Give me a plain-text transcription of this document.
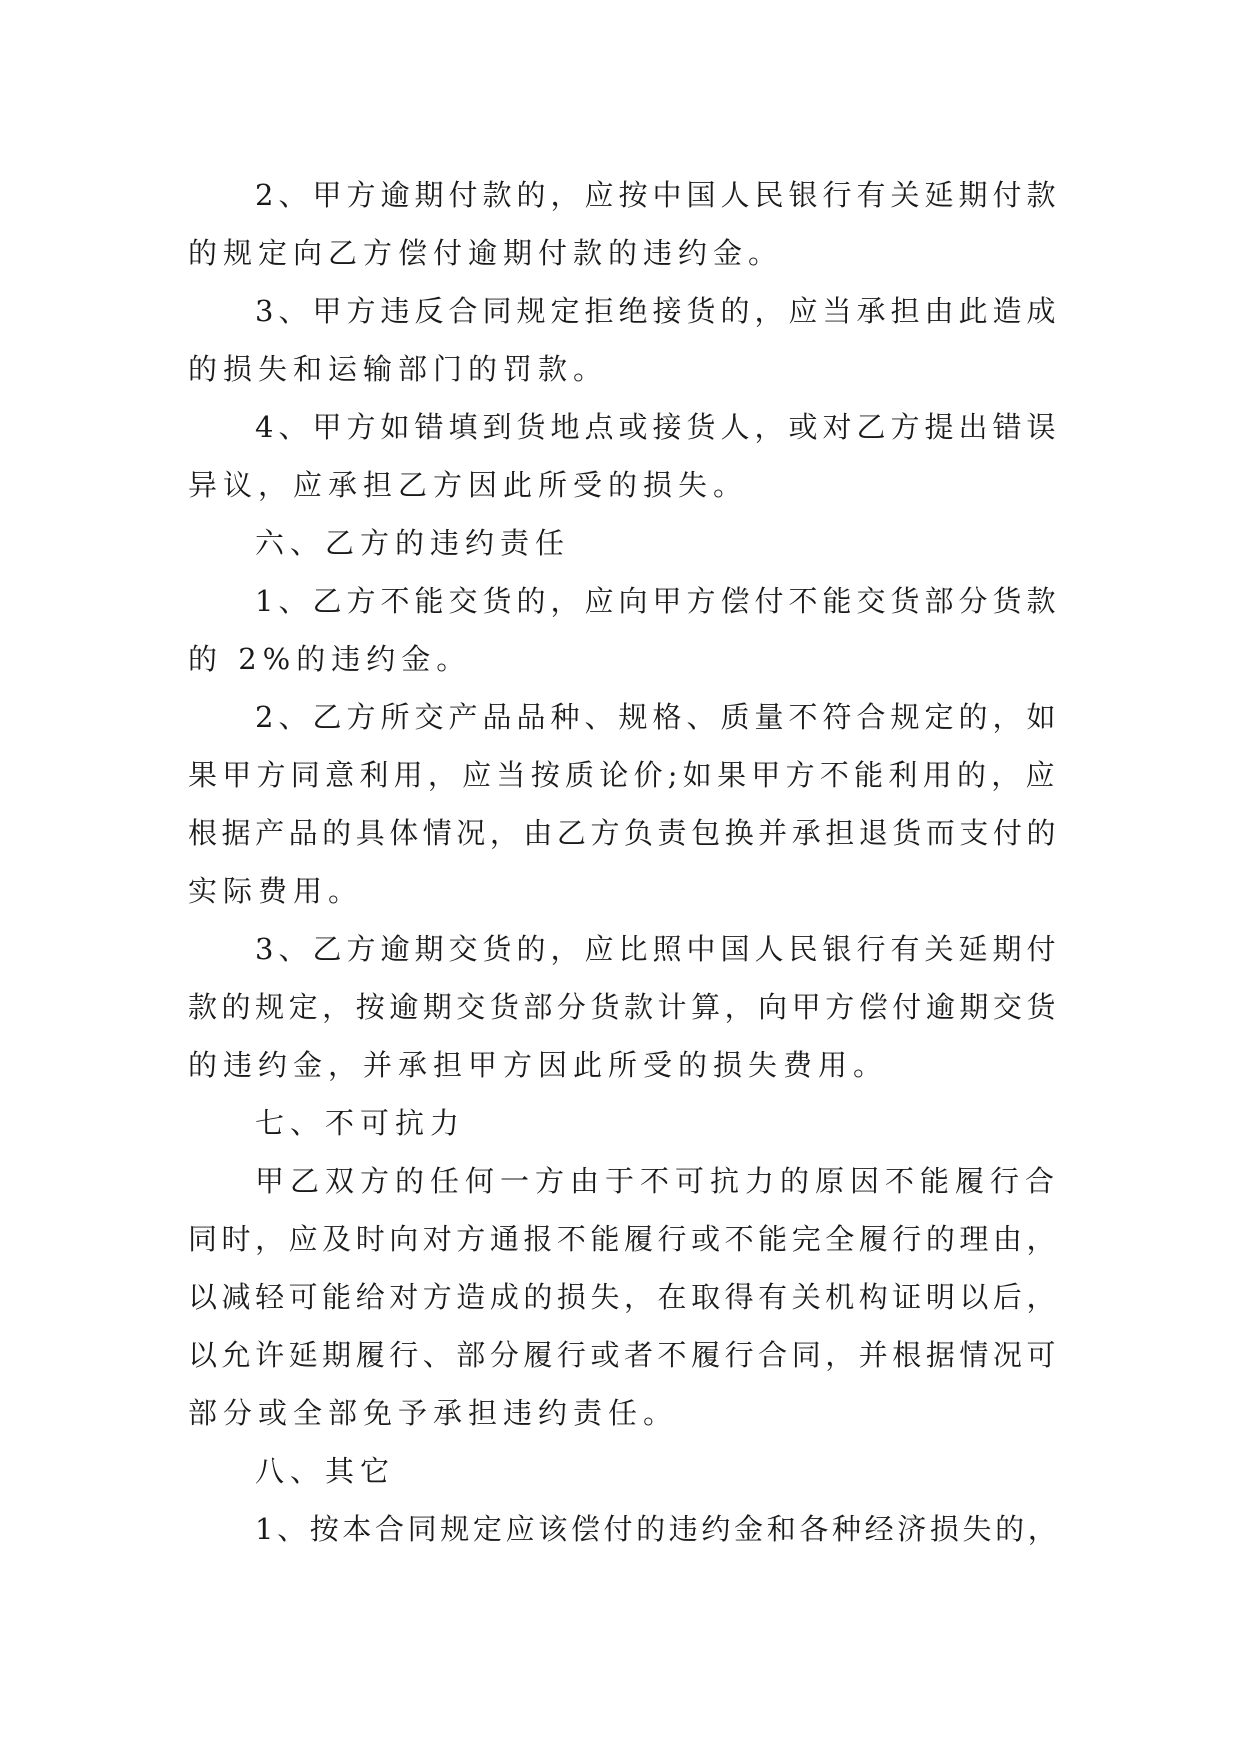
2、甲方逾期付款的，应按中国人民银行有关延期付款
的规定向乙方偿付逾期付款的违约金。
3、甲方违反合同规定拒绝接货的，应当承担由此造成
的损失和运输部门的罚款。
4、甲方如错填到货地点或接货人，或对乙方提出错误
异议，应承担乙方因此所受的损失。
六、乙方的违约责任
1、乙方不能交货的，应向甲方偿付不能交货部分货款
的 2%的违约金。
2、乙方所交产品品种、规格、质量不符合规定的，如
果甲方同意利用，应当按质论价;如果甲方不能利用的，应
根据产品的具体情况，由乙方负责包换并承担退货而支付的
实际费用。
3、乙方逾期交货的，应比照中国人民银行有关延期付
款的规定，按逾期交货部分货款计算，向甲方偿付逾期交货
的违约金，并承担甲方因此所受的损失费用。
七、不可抗力
甲乙双方的任何一方由于不可抗力的原因不能履行合
同时，应及时向对方通报不能履行或不能完全履行的理由，
以减轻可能给对方造成的损失，在取得有关机构证明以后，
以允许延期履行、部分履行或者不履行合同，并根据情况可
部分或全部免予承担违约责任。
八、其它
1、按本合同规定应该偿付的违约金和各种经济损失的，
